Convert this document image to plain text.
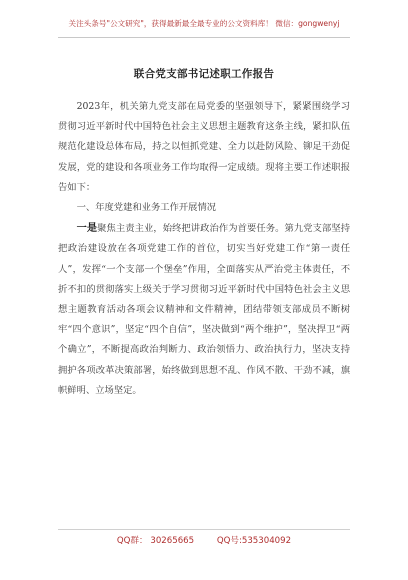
关注头条号"公文研究"，获得最新最全最专业的公文资料库！ 微信：gongwenyj
联合党支部书记述职工作报告

2023年，机关第九党支部在局党委的坚强领导下，紧紧围绕学习贯彻习近平新时代中国特色社会主义思想主题教育这条主线，紧扣队伍规范化建设总体布局，持之以恒抓党建、全力以赴防风险、铆足干劲促发展，党的建设和各项业务工作均取得一定成绩。现将主要工作述职报告如下：

一、年度党建和业务工作开展情况

一是聚焦主责主业，始终把讲政治作为首要任务。第九党支部坚持把政治建设放在各项党建工作的首位，切实当好党建工作“第一责任人”，发挥“一个支部一个堡垒”作用，全面落实从严治党主体责任，不折不扣的贯彻落实上级关于学习贯彻习近平新时代中国特色社会主义思想主题教育活动各项会议精神和文件精神，团结带领支部成员不断树牢“四个意识”，坚定“四个自信”，坚决做到“两个维护”，坚决捍卫“两个确立”，不断提高政治判断力、政治领悟力、政治执行力，坚决支持拥护各项改革决策部署，始终做到思想不乱、作风不散、干劲不减，旗帜鲜明、立场坚定。

QQ群： 30265665	QQ号:535304092
